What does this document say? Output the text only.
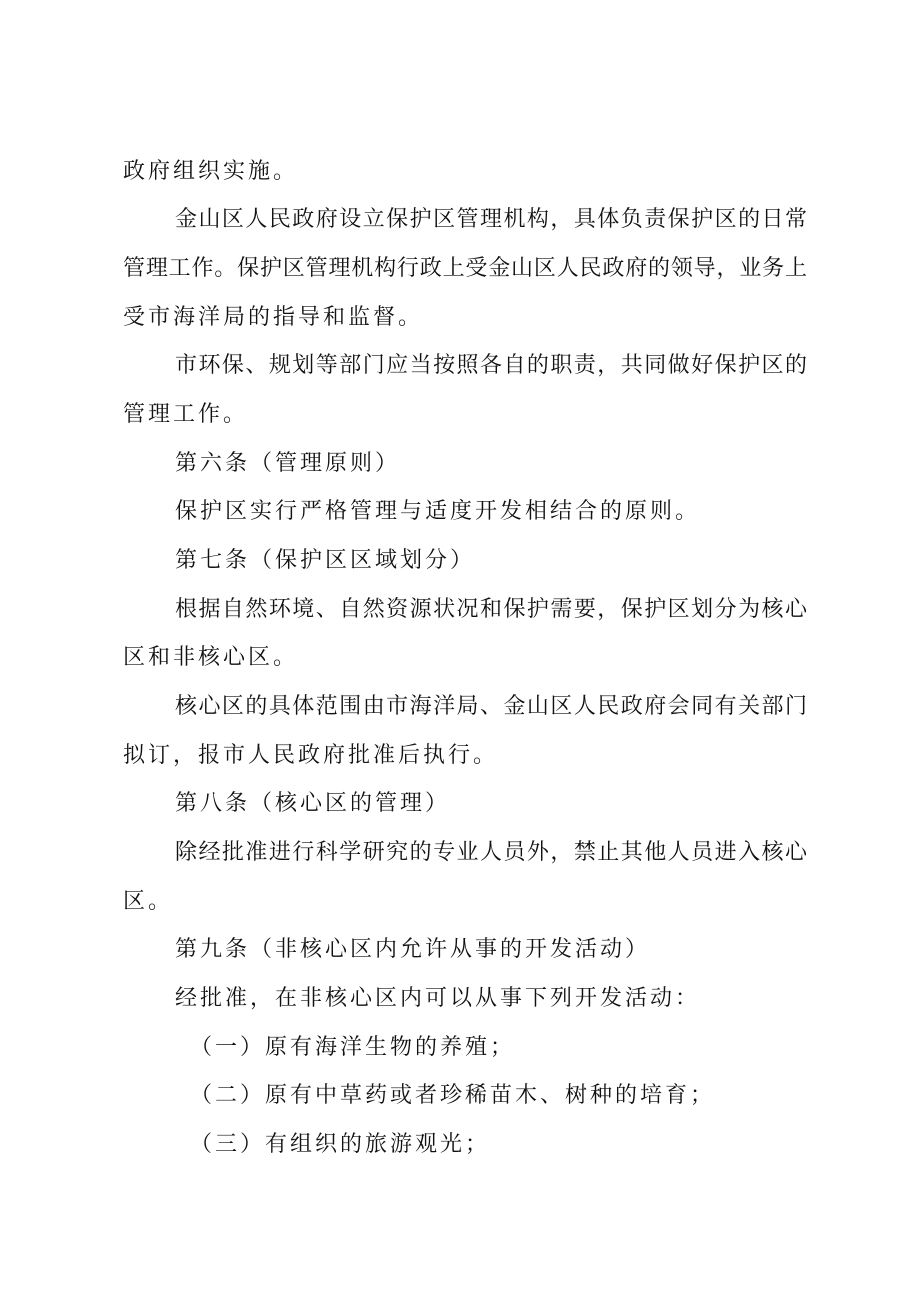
政府组织实施。
金山区人民政府设立保护区管理机构，具体负责保护区的日常
管理工作。保护区管理机构行政上受金山区人民政府的领导，业务上
受市海洋局的指导和监督。
市环保、规划等部门应当按照各自的职责，共同做好保护区的
管理工作。
第六条（管理原则）
保护区实行严格管理与适度开发相结合的原则。
第七条（保护区区域划分）
根据自然环境、自然资源状况和保护需要，保护区划分为核心
区和非核心区。
核心区的具体范围由市海洋局、金山区人民政府会同有关部门
拟订，报市人民政府批准后执行。
第八条（核心区的管理）
除经批准进行科学研究的专业人员外，禁止其他人员进入核心
区。
第九条（非核心区内允许从事的开发活动）
经批准，在非核心区内可以从事下列开发活动：
（一）原有海洋生物的养殖；
（二）原有中草药或者珍稀苗木、树种的培育；
（三）有组织的旅游观光；
